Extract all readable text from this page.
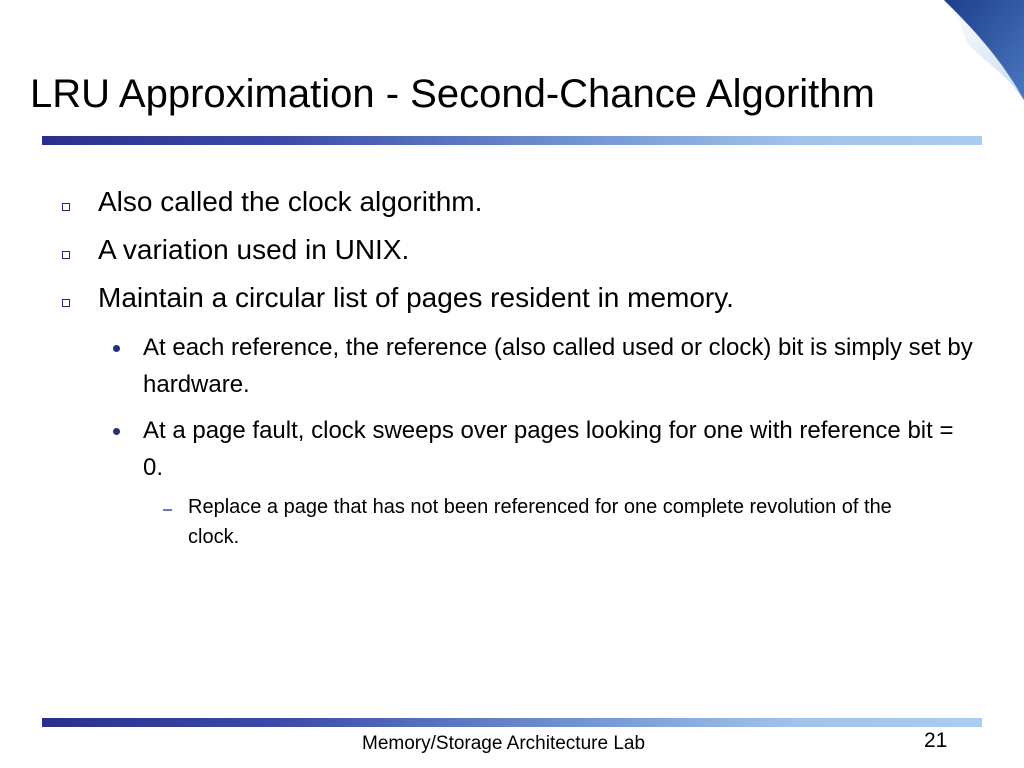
LRU Approximation - Second-Chance Algorithm
Also called the clock algorithm.
A variation used in UNIX.
Maintain a circular list of pages resident in memory.
At each reference, the reference (also called used or clock) bit is simply set by hardware.
At a page fault, clock sweeps over pages looking for one with reference bit = 0.
Replace a page that has not been referenced for one complete revolution of the clock.
Memory/Storage Architecture Lab	21
